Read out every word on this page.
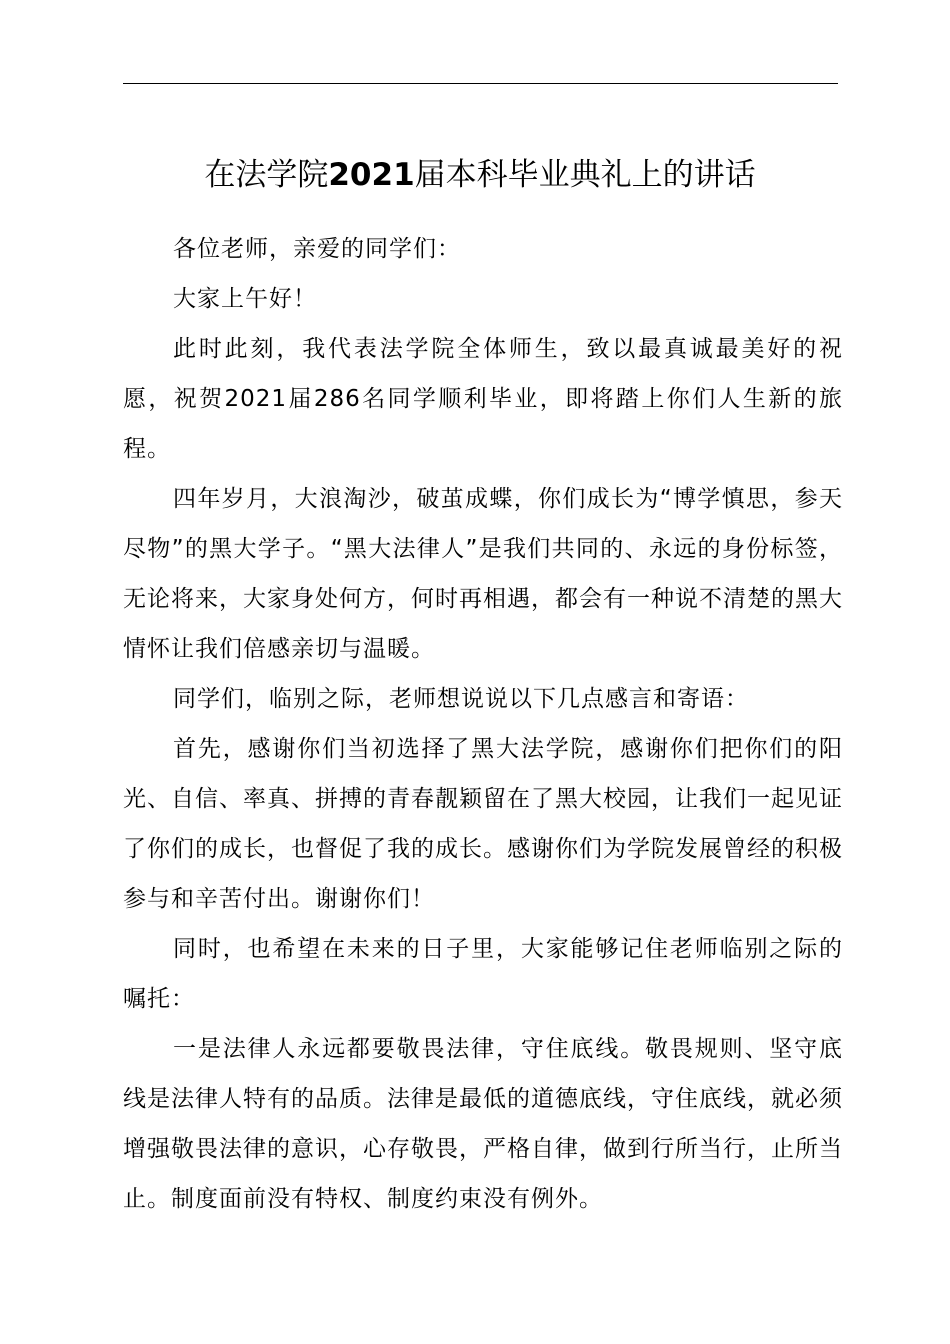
在法学院2021届本科毕业典礼上的讲话

各位老师，亲爱的同学们：

大家上午好！

此时此刻，我代表法学院全体师生，致以最真诚最美好的祝愿，祝贺2021届286名同学顺利毕业，即将踏上你们人生新的旅程。

四年岁月，大浪淘沙，破茧成蝶，你们成长为“博学慎思，参天尽物”的黑大学子。“黑大法律人”是我们共同的、永远的身份标签，无论将来，大家身处何方，何时再相遇，都会有一种说不清楚的黑大情怀让我们倍感亲切与温暖。

同学们，临别之际，老师想说说以下几点感言和寄语：

首先，感谢你们当初选择了黑大法学院，感谢你们把你们的阳光、自信、率真、拼搏的青春靓颖留在了黑大校园，让我们一起见证了你们的成长，也督促了我的成长。感谢你们为学院发展曾经的积极参与和辛苦付出。谢谢你们！

同时，也希望在未来的日子里，大家能够记住老师临别之际的嘱托：

一是法律人永远都要敬畏法律，守住底线。敬畏规则、坚守底线是法律人特有的品质。法律是最低的道德底线，守住底线，就必须增强敬畏法律的意识，心存敬畏，严格自律，做到行所当行，止所当止。制度面前没有特权、制度约束没有例外。
